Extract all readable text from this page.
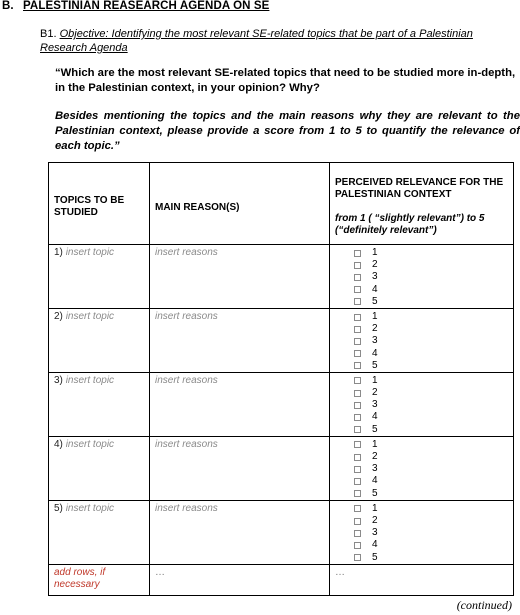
B. PALESTINIAN REASEARCH AGENDA ON SE
B1. Objective: Identifying the most relevant SE-related topics that be part of a Palestinian Research Agenda
“Which are the most relevant SE-related topics that need to be studied more in-depth, in the Palestinian context, in your opinion? Why?
Besides mentioning the topics and the main reasons why they are relevant to the Palestinian context, please provide a score from 1 to 5 to quantify the relevance of each topic.”
TOPICS TO BE STUDIED	MAIN REASON(S)	PERCEIVED RELEVANCE FOR THE PALESTINIAN CONTEXT
from 1 ( “slightly relevant”) to 5 (“definitely relevant”)

1) insert topic	insert reasons	1
2
3
4
5

2) insert topic	insert reasons	1
2
3
4
5

3) insert topic	insert reasons	1
2
3
4
5

4) insert topic	insert reasons	1
2
3
4
5

5) insert topic	insert reasons	1
2
3
4
5

add rows, if necessary	…	…
(continued)
